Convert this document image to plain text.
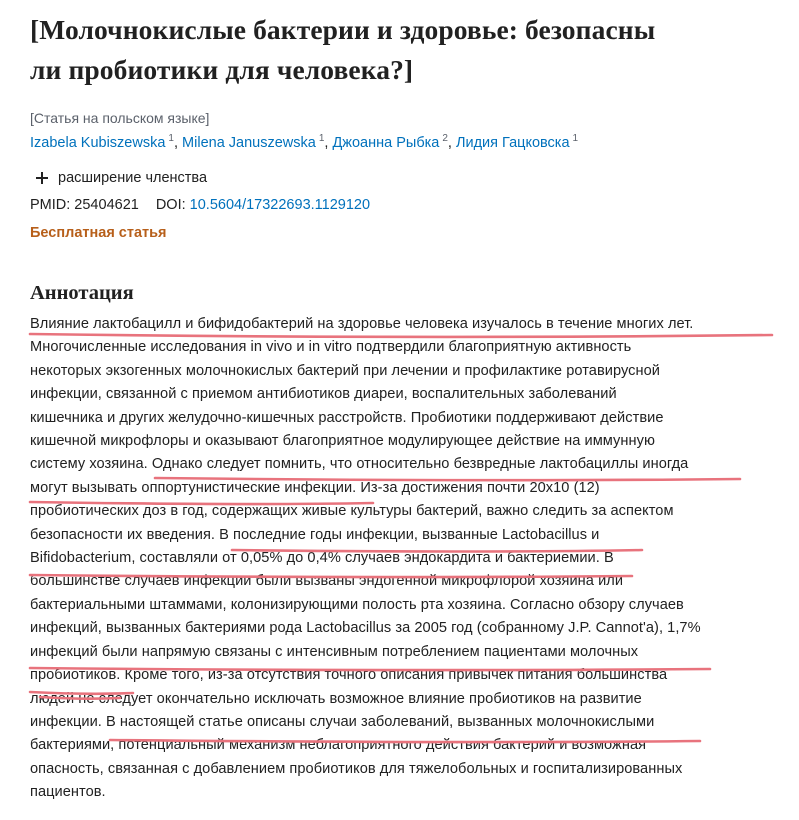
[Молочнокислые бактерии и здоровье: безопасны
ли пробиотики для человека?]
[Статья на польском языке]
Izabela Kubiszewska $^1$, Milena Januszewska $^1$, Джоанна Рыбка $^2$, Лидия Гацковска $^1$
расширение членства
PMID: 25404621 DOI: 10.5604/17322693.1129120
Бесплатная статья
Аннотация
Влияние лактобацилл и бифидобактерий на здоровье человека изучалось в течение многих лет.
Многочисленные исследования in vivo и in vitro подтвердили благоприятную активность
некоторых экзогенных молочнокислых бактерий при лечении и профилактике ротавирусной
инфекции, связанной с приемом антибиотиков диареи, воспалительных заболеваний
кишечника и других желудочно-кишечных расстройств. Пробиотики поддерживают действие
кишечной микрофлоры и оказывают благоприятное модулирующее действие на иммунную
систему хозяина. Однако следует помнить, что относительно безвредные лактобациллы иногда
могут вызывать оппортунистические инфекции. Из-за достижения почти 20x10 (12)
пробиотических доз в год, содержащих живые культуры бактерий, важно следить за аспектом
безопасности их введения. В последние годы инфекции, вызванные Lactobacillus и
Bifidobacterium, составляли от 0,05% до 0,4% случаев эндокардита и бактериемии. В
большинстве случаев инфекции были вызваны эндогенной микрофлорой хозяина или
бактериальными штаммами, колонизирующими полость рта хозяина. Согласно обзору случаев
инфекций, вызванных бактериями рода Lactobacillus за 2005 год (собранному J.P. Cannot'a), 1,7%
инфекций были напрямую связаны с интенсивным потреблением пациентами молочных
пробиотиков. Кроме того, из-за отсутствия точного описания привычек питания большинства
людей не следует окончательно исключать возможное влияние пробиотиков на развитие
инфекции. В настоящей статье описаны случаи заболеваний, вызванных молочнокислыми
бактериями, потенциальный механизм неблагоприятного действия бактерий и возможная
опасность, связанная с добавлением пробиотиков для тяжелобольных и госпитализированных
пациентов.
